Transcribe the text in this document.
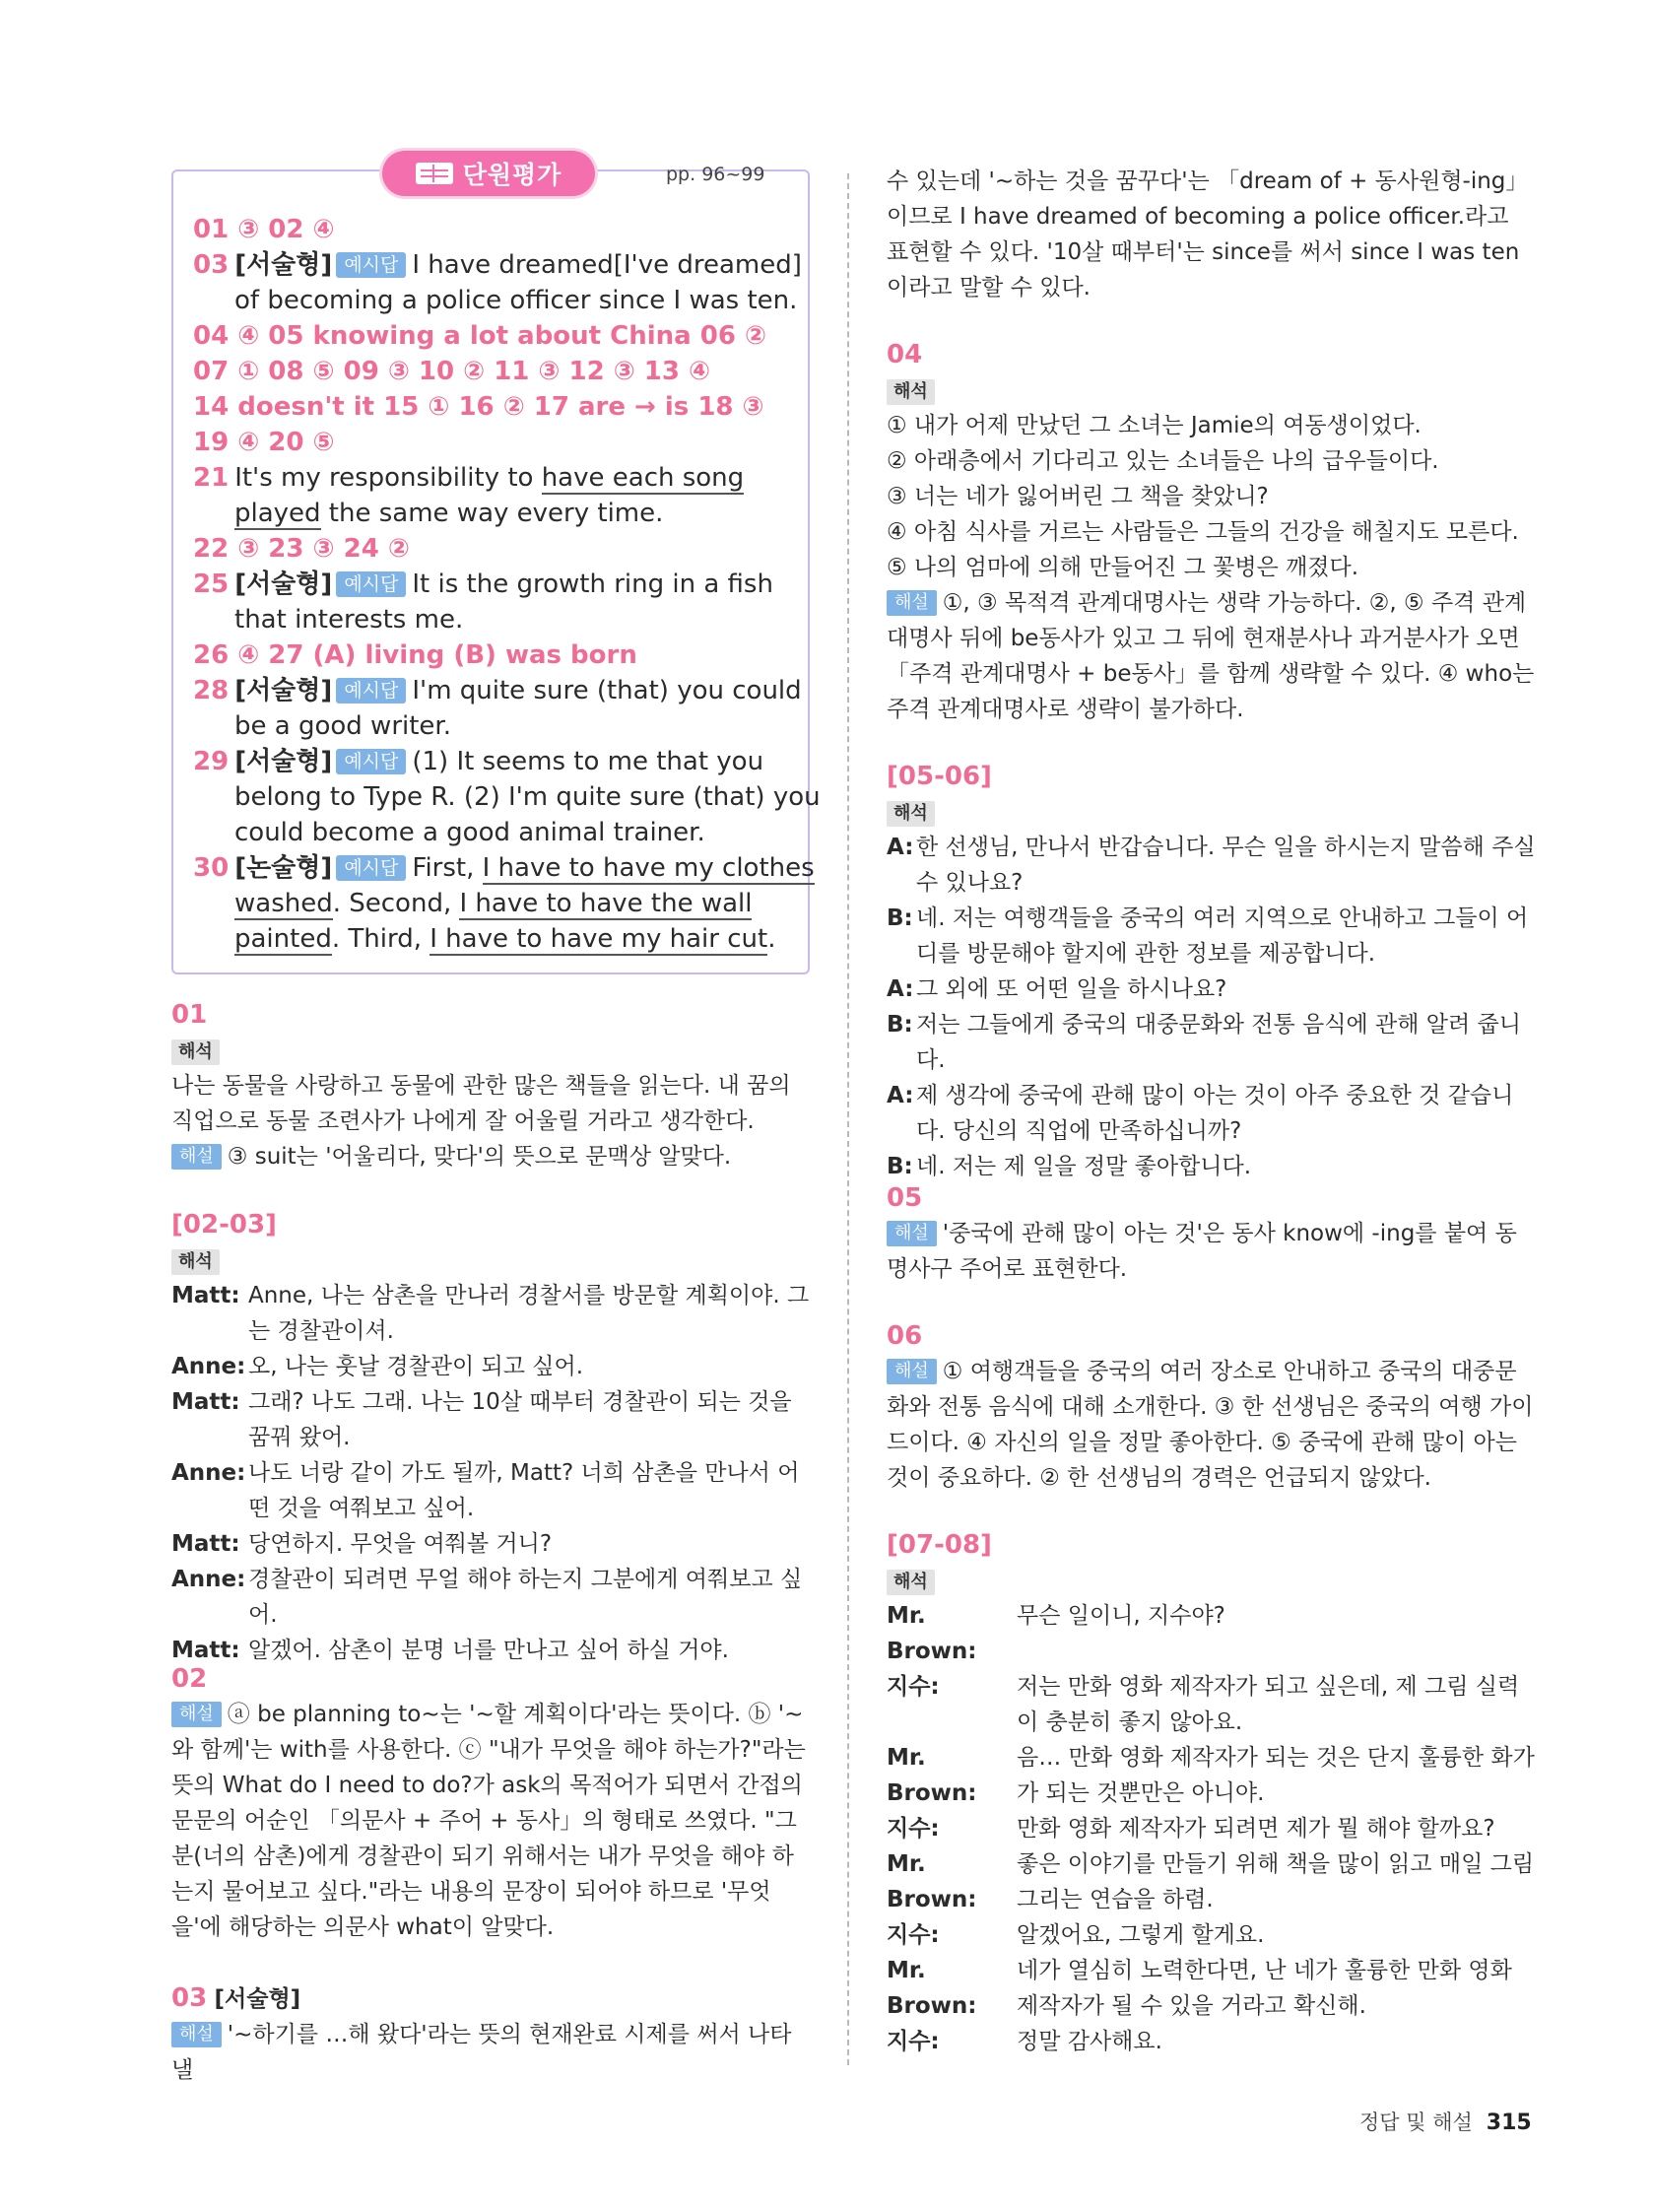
단원평가	pp. 96~99
01 ③ 02 ④
03 [서술형] 예시답 I have dreamed[I've dreamed]
of becoming a police officer since I was ten.
04 ④ 05 knowing a lot about China 06 ②
07 ① 08 ⑤ 09 ③ 10 ② 11 ③ 12 ③ 13 ④
14 doesn't it 15 ① 16 ② 17 are → is 18 ③
19 ④ 20 ⑤
21 It's my responsibility to have each song
played the same way every time.
22 ③ 23 ③ 24 ②
25 [서술형] 예시답 It is the growth ring in a fish
that interests me.
26 ④ 27 (A) living (B) was born
28 [서술형] 예시답 I'm quite sure (that) you could
be a good writer.
29 [서술형] 예시답 (1) It seems to me that you
belong to Type R. (2) I'm quite sure (that) you
could become a good animal trainer.
30 [논술형] 예시답 First, I have to have my clothes
washed. Second, I have to have the wall
painted. Third, I have to have my hair cut.
01
해석
나는 동물을 사랑하고 동물에 관한 많은 책들을 읽는다. 내 꿈의 직업으로 동물 조련사가 나에게 잘 어울릴 거라고 생각한다.
해설 ③ suit는 '어울리다, 맞다'의 뜻으로 문맥상 알맞다.
[02-03]
해석
Matt: Anne, 나는 삼촌을 만나러 경찰서를 방문할 계획이야. 그는 경찰관이셔.
Anne: 오, 나는 훗날 경찰관이 되고 싶어.
Matt: 그래? 나도 그래. 나는 10살 때부터 경찰관이 되는 것을 꿈꿔 왔어.
Anne: 나도 너랑 같이 가도 될까, Matt? 너희 삼촌을 만나서 어떤 것을 여쭤보고 싶어.
Matt: 당연하지. 무엇을 여쭤볼 거니?
Anne: 경찰관이 되려면 무얼 해야 하는지 그분에게 여쭤보고 싶어.
Matt: 알겠어. 삼촌이 분명 너를 만나고 싶어 하실 거야.
02
해설 ⓐ be planning to~는 '~할 계획이다'라는 뜻이다. ⓑ '~와 함께'는 with를 사용한다. ⓒ "내가 무엇을 해야 하는가?"라는 뜻의 What do I need to do?가 ask의 목적어가 되면서 간접의문문의 어순인 「의문사 + 주어 + 동사」의 형태로 쓰였다. "그분(너의 삼촌)에게 경찰관이 되기 위해서는 내가 무엇을 해야 하는지 물어보고 싶다."라는 내용의 문장이 되어야 하므로 '무엇을'에 해당하는 의문사 what이 알맞다.
03 [서술형]
해설 '~하기를 …해 왔다'라는 뜻의 현재완료 시제를 써서 나타낼
수 있는데 '~하는 것을 꿈꾸다'는 「dream of + 동사원형-ing」이므로 I have dreamed of becoming a police officer.라고 표현할 수 있다. '10살 때부터'는 since를 써서 since I was ten이라고 말할 수 있다.
04
해석
① 내가 어제 만났던 그 소녀는 Jamie의 여동생이었다.
② 아래층에서 기다리고 있는 소녀들은 나의 급우들이다.
③ 너는 네가 잃어버린 그 책을 찾았니?
④ 아침 식사를 거르는 사람들은 그들의 건강을 해칠지도 모른다.
⑤ 나의 엄마에 의해 만들어진 그 꽃병은 깨졌다.
해설 ①, ③ 목적격 관계대명사는 생략 가능하다. ②, ⑤ 주격 관계대명사 뒤에 be동사가 있고 그 뒤에 현재분사나 과거분사가 오면 「주격 관계대명사 + be동사」를 함께 생략할 수 있다. ④ who는 주격 관계대명사로 생략이 불가하다.
[05-06]
해석
A: 한 선생님, 만나서 반갑습니다. 무슨 일을 하시는지 말씀해 주실 수 있나요?
B: 네. 저는 여행객들을 중국의 여러 지역으로 안내하고 그들이 어디를 방문해야 할지에 관한 정보를 제공합니다.
A: 그 외에 또 어떤 일을 하시나요?
B: 저는 그들에게 중국의 대중문화와 전통 음식에 관해 알려 줍니다.
A: 제 생각에 중국에 관해 많이 아는 것이 아주 중요한 것 같습니다. 당신의 직업에 만족하십니까?
B: 네. 저는 제 일을 정말 좋아합니다.
05
해설 '중국에 관해 많이 아는 것'은 동사 know에 -ing를 붙여 동명사구 주어로 표현한다.
06
해설 ① 여행객들을 중국의 여러 장소로 안내하고 중국의 대중문화와 전통 음식에 대해 소개한다. ③ 한 선생님은 중국의 여행 가이드이다. ④ 자신의 일을 정말 좋아한다. ⑤ 중국에 관해 많이 아는 것이 중요하다. ② 한 선생님의 경력은 언급되지 않았다.
[07-08]
해석
Mr. Brown:
무슨 일이니, 지수야?
지수:	저는 만화 영화 제작자가 되고 싶은데, 제 그림 실력이 충분히 좋지 않아요.
Mr. Brown:
음… 만화 영화 제작자가 되는 것은 단지 훌륭한 화가가 되는 것뿐만은 아니야.
지수:	만화 영화 제작자가 되려면 제가 뭘 해야 할까요?
Mr. Brown:
좋은 이야기를 만들기 위해 책을 많이 읽고 매일 그림 그리는 연습을 하렴.
지수:	알겠어요, 그렇게 할게요.
Mr. Brown:
네가 열심히 노력한다면, 난 네가 훌륭한 만화 영화 제작자가 될 수 있을 거라고 확신해.
지수:	정말 감사해요.
정답 및 해설 315
